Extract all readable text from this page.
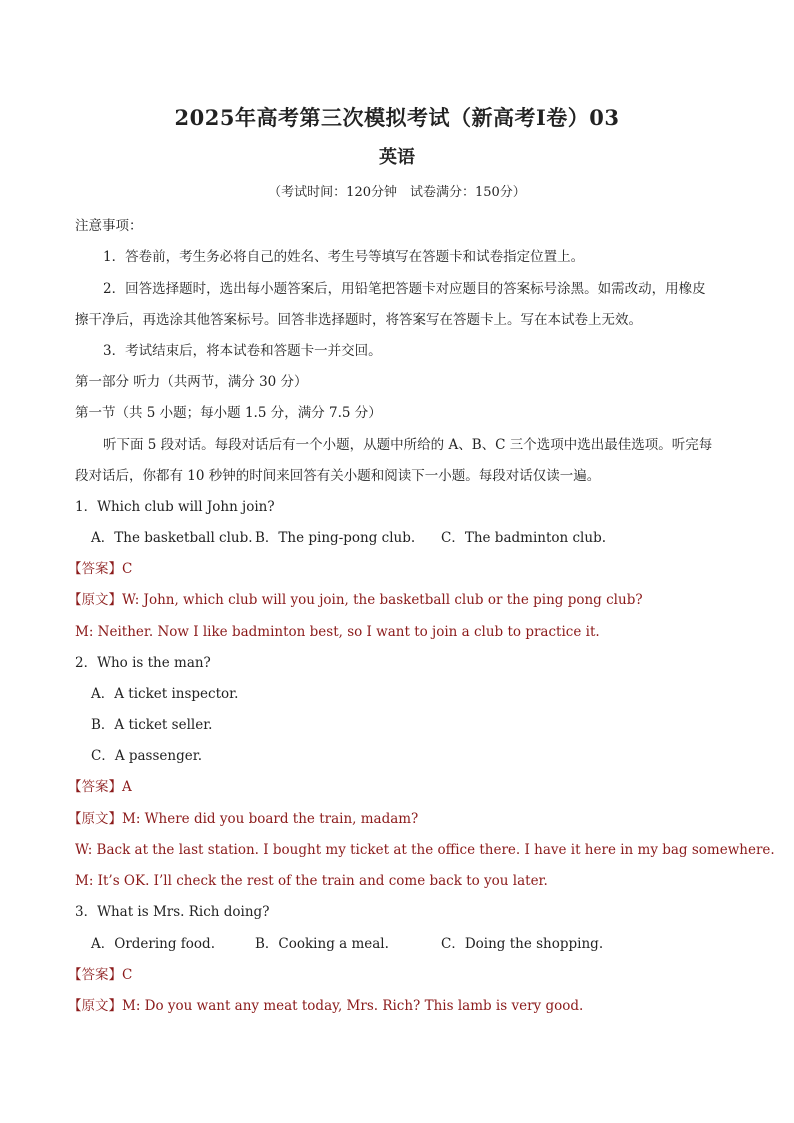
2025年高考第三次模拟考试（新高考Ⅰ卷）03
英语
（考试时间：120分钟　试卷满分：150分）
注意事项：
1．答卷前，考生务必将自己的姓名、考生号等填写在答题卡和试卷指定位置上。
2．回答选择题时，选出每小题答案后，用铅笔把答题卡对应题目的答案标号涂黑。如需改动，用橡皮
擦干净后，再选涂其他答案标号。回答非选择题时，将答案写在答题卡上。写在本试卷上无效。
3．考试结束后，将本试卷和答题卡一并交回。
第一部分 听力（共两节，满分 30 分）
第一节（共 5 小题；每小题 1.5 分，满分 7.5 分）
听下面 5 段对话。每段对话后有一个小题，从题中所给的 A、B、C 三个选项中选出最佳选项。听完每
段对话后，你都有 10 秒钟的时间来回答有关小题和阅读下一小题。每段对话仅读一遍。
1．Which club will John join?
A．The basketball club. B．The ping-pong club. C．The badminton club.
【答案】C
【原文】W: John, which club will you join, the basketball club or the ping pong club?
M: Neither. Now I like badminton best, so I want to join a club to practice it.
2．Who is the man?
A．A ticket inspector.
B．A ticket seller.
C．A passenger.
【答案】A
【原文】M: Where did you board the train, madam?
W: Back at the last station. I bought my ticket at the office there. I have it here in my bag somewhere.
M: It’s OK. I’ll check the rest of the train and come back to you later.
3．What is Mrs. Rich doing?
A．Ordering food.	B．Cooking a meal.	C．Doing the shopping.
【答案】C
【原文】M: Do you want any meat today, Mrs. Rich? This lamb is very good.
